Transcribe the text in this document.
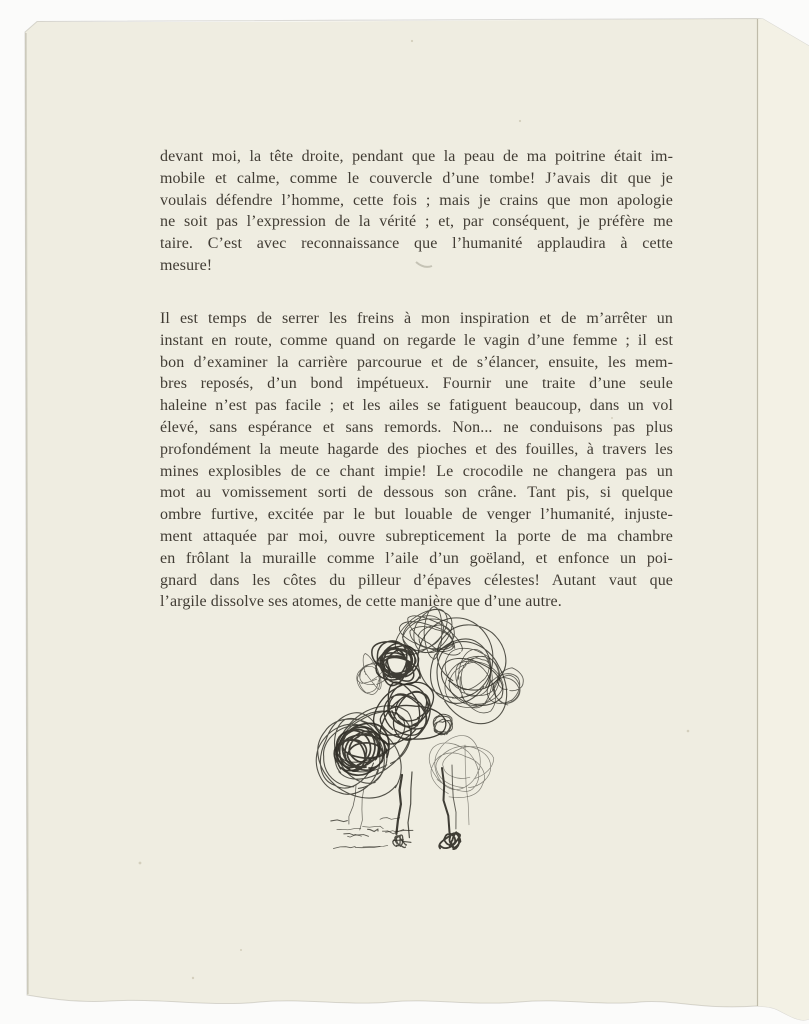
devant moi, la tête droite, pendant que la peau de ma poitrine était im-
mobile et calme, comme le couvercle d’une tombe! J’avais dit que je
voulais défendre l’homme, cette fois ; mais je crains que mon apologie
ne soit pas l’expression de la vérité ; et, par conséquent, je préfère me
taire. C’est avec reconnaissance que l’humanité applaudira à cette
mesure!
Il est temps de serrer les freins à mon inspiration et de m’arrêter un
instant en route, comme quand on regarde le vagin d’une femme ; il est
bon d’examiner la carrière parcourue et de s’élancer, ensuite, les mem-
bres reposés, d’un bond impétueux. Fournir une traite d’une seule
haleine n’est pas facile ; et les ailes se fatiguent beaucoup, dans un vol
élevé, sans espérance et sans remords. Non... ne conduisons pas plus
profondément la meute hagarde des pioches et des fouilles, à travers les
mines explosibles de ce chant impie! Le crocodile ne changera pas un
mot au vomissement sorti de dessous son crâne. Tant pis, si quelque
ombre furtive, excitée par le but louable de venger l’humanité, injuste-
ment attaquée par moi, ouvre subrepticement la porte de ma chambre
en frôlant la muraille comme l’aile d’un goëland, et enfonce un poi-
gnard dans les côtes du pilleur d’épaves célestes! Autant vaut que
l’argile dissolve ses atomes, de cette manière que d’une autre.
